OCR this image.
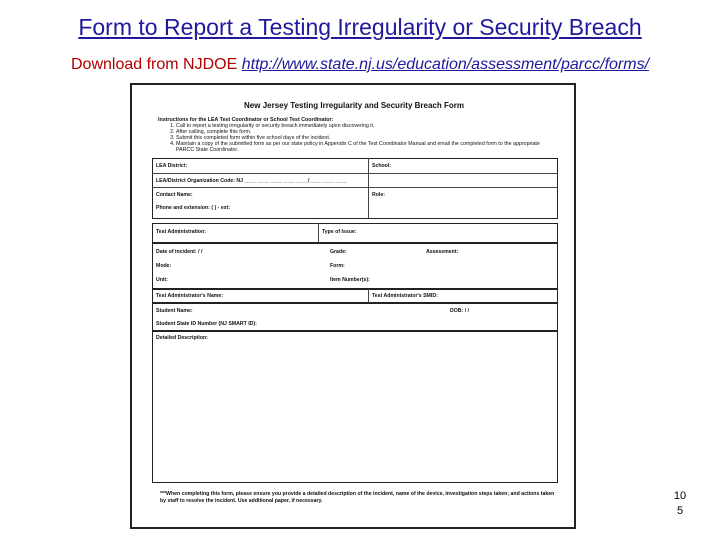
Form to Report a Testing Irregularity or Security Breach
Download from NJDOE http://www.state.nj.us/education/assessment/parcc/forms/
New Jersey Testing Irregularity and Security Breach Form
Instructions for the LEA Test Coordinator or School Test Coordinator:
1. Call to report a testing irregularity or security breach immediately upon discovering it.
2. After calling, complete this form.
3. Submit this completed form within five school days of the incident.
4. Maintain a copy of the submitted form as per our state policy in Appendix C of the Test Coordinator Manual and email the completed form to the appropriate PARCC State Coordinator.
LEA District:	School:
LEA/District Organization Code: NJ ____ ____ ____ ____ ____/____ ____ ____
Contact Name:	Role:
Phone and extension: ( ) - ext:
Test Administration:	Type of Issue:
Date of incident: / /	Grade:	Assessment:
Mode:	Form:
Unit:	Item Number(s):
Test Administrator's Name:	Test Administrator's SMID:
Student Name:	DOB: / /
Student State ID Number (NJ SMART ID):
Detailed Description:
***When completing this form, please ensure you provide a detailed description of the incident, name of the device, investigation steps taken; and actions taken by staff to resolve the incident. Use additional paper, if necessary.	10
5
